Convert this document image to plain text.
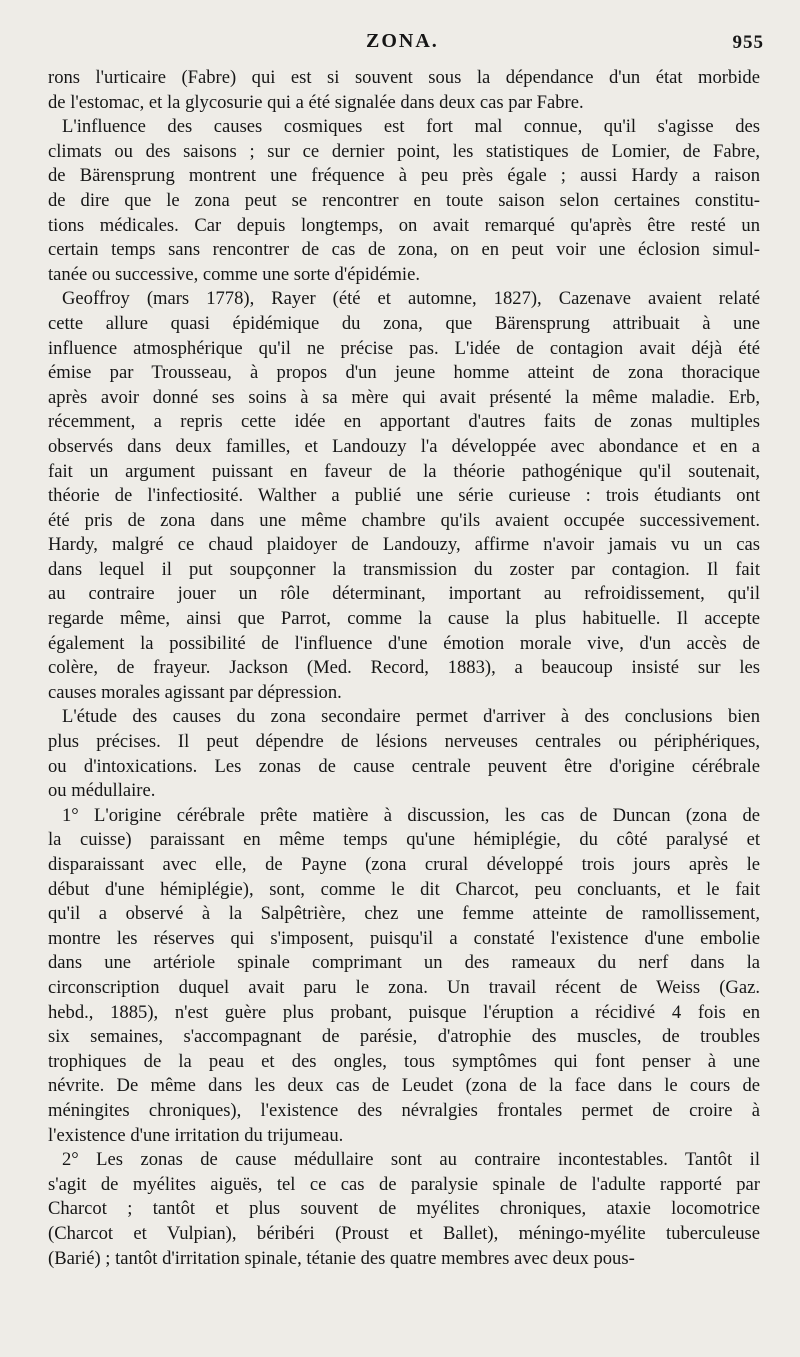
ZONA.	955
rons l'urticaire (Fabre) qui est si souvent sous la dépendance d'un état morbide
de l'estomac, et la glycosurie qui a été signalée dans deux cas par Fabre.
L'influence des causes cosmiques est fort mal connue, qu'il s'agisse des
climats ou des saisons ; sur ce dernier point, les statistiques de Lomier, de Fabre,
de Bärensprung montrent une fréquence à peu près égale ; aussi Hardy a raison
de dire que le zona peut se rencontrer en toute saison selon certaines constitu-
tions médicales. Car depuis longtemps, on avait remarqué qu'après être resté un
certain temps sans rencontrer de cas de zona, on en peut voir une éclosion simul-
tanée ou successive, comme une sorte d'épidémie.
Geoffroy (mars 1778), Rayer (été et automne, 1827), Cazenave avaient relaté
cette allure quasi épidémique du zona, que Bärensprung attribuait à une
influence atmosphérique qu'il ne précise pas. L'idée de contagion avait déjà été
émise par Trousseau, à propos d'un jeune homme atteint de zona thoracique
après avoir donné ses soins à sa mère qui avait présenté la même maladie. Erb,
récemment, a repris cette idée en apportant d'autres faits de zonas multiples
observés dans deux familles, et Landouzy l'a développée avec abondance et en a
fait un argument puissant en faveur de la théorie pathogénique qu'il soutenait,
théorie de l'infectiosité. Walther a publié une série curieuse : trois étudiants ont
été pris de zona dans une même chambre qu'ils avaient occupée successivement.
Hardy, malgré ce chaud plaidoyer de Landouzy, affirme n'avoir jamais vu un cas
dans lequel il put soupçonner la transmission du zoster par contagion. Il fait
au contraire jouer un rôle déterminant, important au refroidissement, qu'il
regarde même, ainsi que Parrot, comme la cause la plus habituelle. Il accepte
également la possibilité de l'influence d'une émotion morale vive, d'un accès de
colère, de frayeur. Jackson (Med. Record, 1883), a beaucoup insisté sur les
causes morales agissant par dépression.
L'étude des causes du zona secondaire permet d'arriver à des conclusions bien
plus précises. Il peut dépendre de lésions nerveuses centrales ou périphériques,
ou d'intoxications. Les zonas de cause centrale peuvent être d'origine cérébrale
ou médullaire.
1° L'origine cérébrale prête matière à discussion, les cas de Duncan (zona de
la cuisse) paraissant en même temps qu'une hémiplégie, du côté paralysé et
disparaissant avec elle, de Payne (zona crural développé trois jours après le
début d'une hémiplégie), sont, comme le dit Charcot, peu concluants, et le fait
qu'il a observé à la Salpêtrière, chez une femme atteinte de ramollissement,
montre les réserves qui s'imposent, puisqu'il a constaté l'existence d'une embolie
dans une artériole spinale comprimant un des rameaux du nerf dans la
circonscription duquel avait paru le zona. Un travail récent de Weiss (Gaz.
hebd., 1885), n'est guère plus probant, puisque l'éruption a récidivé 4 fois en
six semaines, s'accompagnant de parésie, d'atrophie des muscles, de troubles
trophiques de la peau et des ongles, tous symptômes qui font penser à une
névrite. De même dans les deux cas de Leudet (zona de la face dans le cours de
méningites chroniques), l'existence des névralgies frontales permet de croire à
l'existence d'une irritation du trijumeau.
2° Les zonas de cause médullaire sont au contraire incontestables. Tantôt il
s'agit de myélites aiguës, tel ce cas de paralysie spinale de l'adulte rapporté par
Charcot ; tantôt et plus souvent de myélites chroniques, ataxie locomotrice
(Charcot et Vulpian), béribéri (Proust et Ballet), méningo-myélite tuberculeuse
(Barié) ; tantôt d'irritation spinale, tétanie des quatre membres avec deux pous-
